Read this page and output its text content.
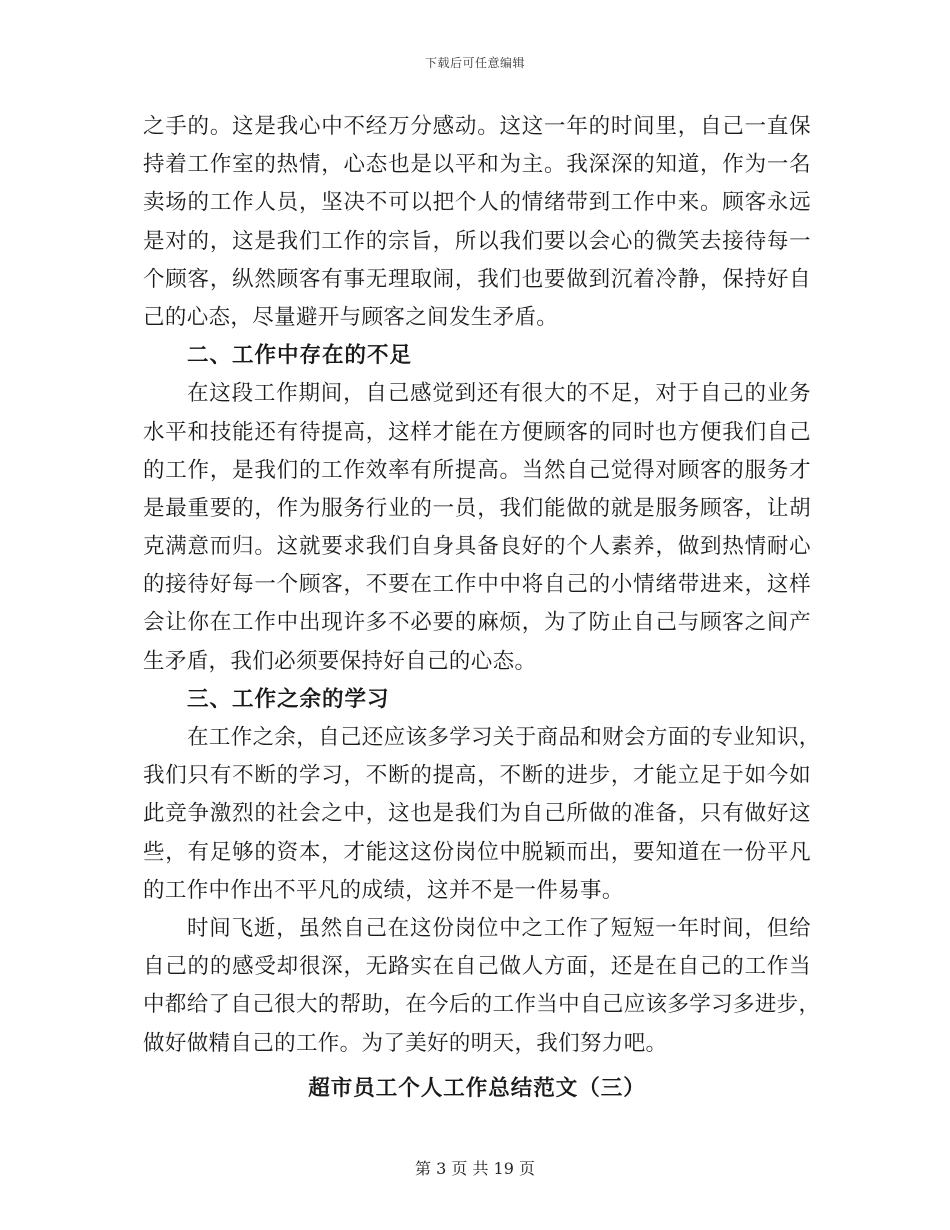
下载后可任意编辑
之手的。这是我心中不经万分感动。这这一年的时间里，自己一直保
持着工作室的热情，心态也是以平和为主。我深深的知道，作为一名
卖场的工作人员，坚决不可以把个人的情绪带到工作中来。顾客永远
是对的，这是我们工作的宗旨，所以我们要以会心的微笑去接待每一
个顾客，纵然顾客有事无理取闹，我们也要做到沉着冷静，保持好自
己的心态，尽量避开与顾客之间发生矛盾。
二、工作中存在的不足
在这段工作期间，自己感觉到还有很大的不足，对于自己的业务
水平和技能还有待提高，这样才能在方便顾客的同时也方便我们自己
的工作，是我们的工作效率有所提高。当然自己觉得对顾客的服务才
是最重要的，作为服务行业的一员，我们能做的就是服务顾客，让胡
克满意而归。这就要求我们自身具备良好的个人素养，做到热情耐心
的接待好每一个顾客，不要在工作中中将自己的小情绪带进来，这样
会让你在工作中出现许多不必要的麻烦，为了防止自己与顾客之间产
生矛盾，我们必须要保持好自己的心态。
三、工作之余的学习
在工作之余，自己还应该多学习关于商品和财会方面的专业知识，
我们只有不断的学习，不断的提高，不断的进步，才能立足于如今如
此竞争激烈的社会之中，这也是我们为自己所做的准备，只有做好这
些，有足够的资本，才能这这份岗位中脱颖而出，要知道在一份平凡
的工作中作出不平凡的成绩，这并不是一件易事。
时间飞逝，虽然自己在这份岗位中之工作了短短一年时间，但给
自己的的感受却很深，无路实在自己做人方面，还是在自己的工作当
中都给了自己很大的帮助，在今后的工作当中自己应该多学习多进步，
做好做精自己的工作。为了美好的明天，我们努力吧。
超市员工个人工作总结范文（三）
第 3 页 共 19 页
